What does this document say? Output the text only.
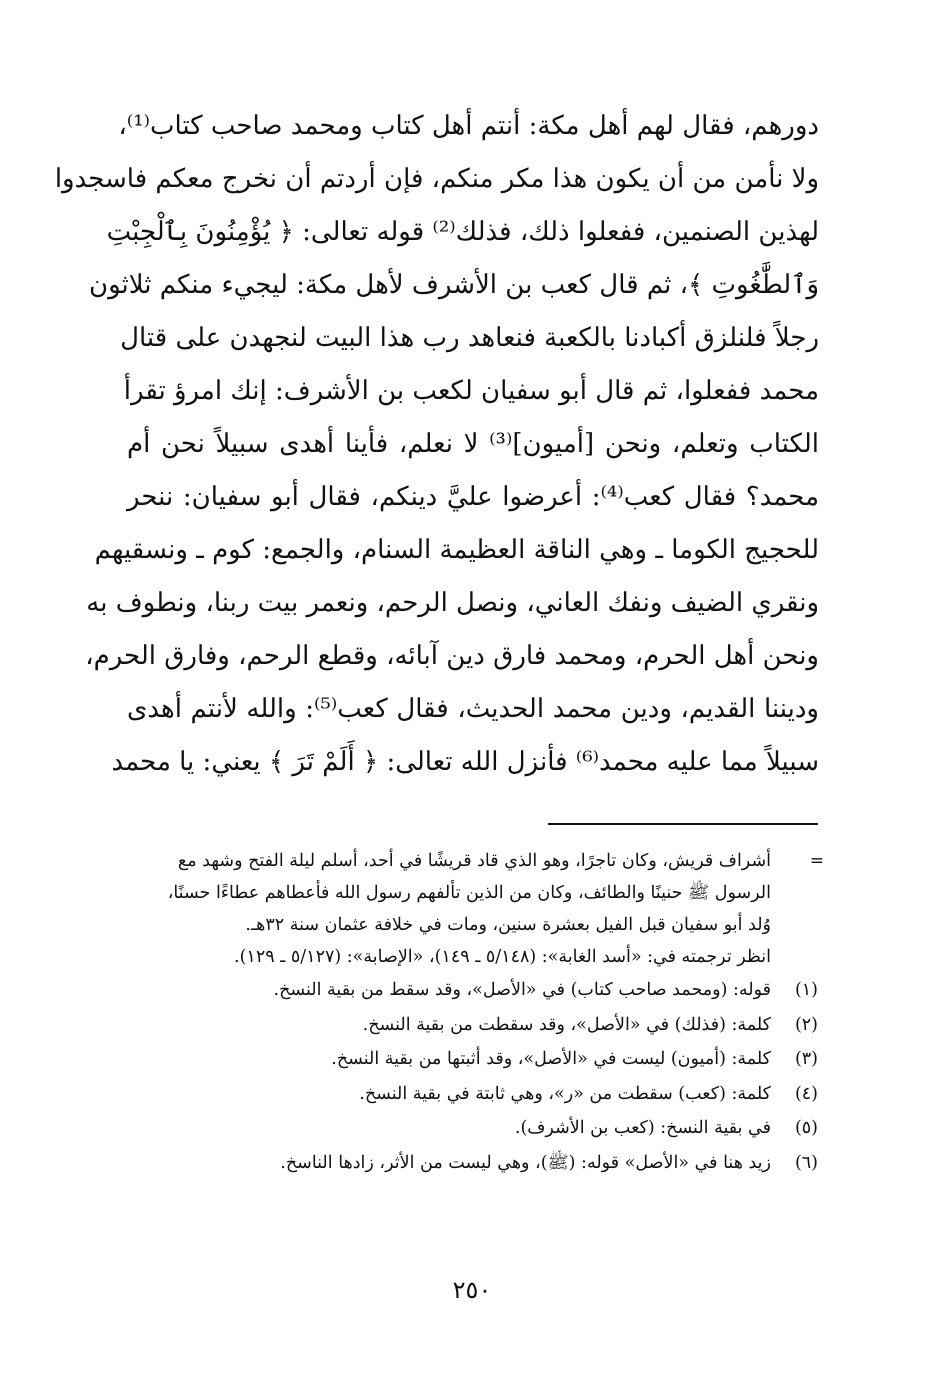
دورهم، فقال لهم أهل مكة: أنتم أهل كتاب ومحمد صاحب كتاب⁽¹⁾،
ولا نأمن من أن يكون هذا مكر منكم، فإن أردتم أن نخرج معكم فاسجدوا
لهذين الصنمين، ففعلوا ذلك، فذلك⁽²⁾ قوله تعالى: ﴿ يُؤْمِنُونَ بِٱلْجِبْتِ
وَٱلطَّٰغُوتِ ﴾، ثم قال كعب بن الأشرف لأهل مكة: ليجيء منكم ثلاثون
رجلاً فلنلزق أكبادنا بالكعبة فنعاهد رب هذا البيت لنجهدن على قتال
محمد ففعلوا، ثم قال أبو سفيان لكعب بن الأشرف: إنك امرؤ تقرأ
الكتاب وتعلم، ونحن [أميون]⁽³⁾ لا نعلم، فأينا أهدى سبيلاً نحن أم
محمد؟ فقال كعب⁽⁴⁾: أعرضوا عليَّ دينكم، فقال أبو سفيان: ننحر
للحجيج الكوما ـ وهي الناقة العظيمة السنام، والجمع: كوم ـ ونسقيهم
ونقري الضيف ونفك العاني، ونصل الرحم، ونعمر بيت ربنا، ونطوف به
ونحن أهل الحرم، ومحمد فارق دين آبائه، وقطع الرحم، وفارق الحرم،
وديننا القديم، ودين محمد الحديث، فقال كعب⁽⁵⁾: والله لأنتم أهدى
سبيلاً مما عليه محمد⁽⁶⁾ فأنزل الله تعالى: ﴿ أَلَمْ تَرَ ﴾ يعني: يا محمد
=
أشراف قريش، وكان تاجرًا، وهو الذي قاد قريشًا في أحد، أسلم ليلة الفتح وشهد مع
الرسول ﷺ حنينًا والطائف، وكان من الذين تألفهم رسول الله فأعطاهم عطاءًا حسنًا،
وُلد أبو سفيان قبل الفيل بعشرة سنين، ومات في خلافة عثمان سنة ٣٢هـ.
انظر ترجمته في: «أسد الغابة»: (٥/١٤٨ ـ ١٤٩)، «الإصابة»: (٥/١٢٧ ـ ١٢٩).
(١)
قوله: (ومحمد صاحب كتاب) في «الأصل»، وقد سقط من بقية النسخ.
(٢)
كلمة: (فذلك) في «الأصل»، وقد سقطت من بقية النسخ.
(٣)
كلمة: (أميون) ليست في «الأصل»، وقد أثبتها من بقية النسخ.
(٤)
كلمة: (كعب) سقطت من «ر»، وهي ثابتة في بقية النسخ.
(٥)
في بقية النسخ: (كعب بن الأشرف).
(٦)
زيد هنا في «الأصل» قوله: (ﷺ)، وهي ليست من الأثر، زادها الناسخ.
٢٥٠
